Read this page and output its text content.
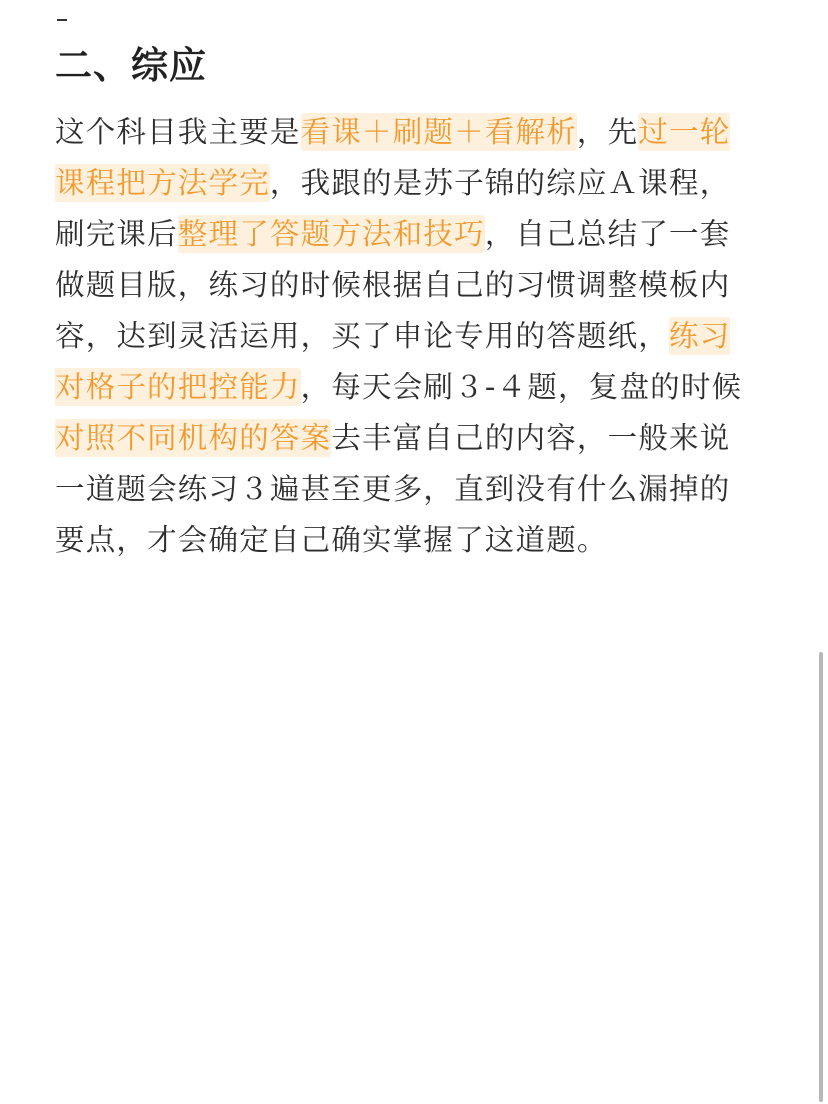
二、综应

这个科目我主要是看课＋刷题＋看解析，先过一轮课程把方法学完，我跟的是苏子锦的综应Ａ课程，刷完课后整理了答题方法和技巧，自己总结了一套做题目版，练习的时候根据自己的习惯调整模板内容，达到灵活运用，买了申论专用的答题纸，练习对格子的把控能力，每天会刷３-４题，复盘的时候对照不同机构的答案去丰富自己的内容，一般来说一道题会练习３遍甚至更多，直到没有什么漏掉的要点，才会确定自己确实掌握了这道题。
